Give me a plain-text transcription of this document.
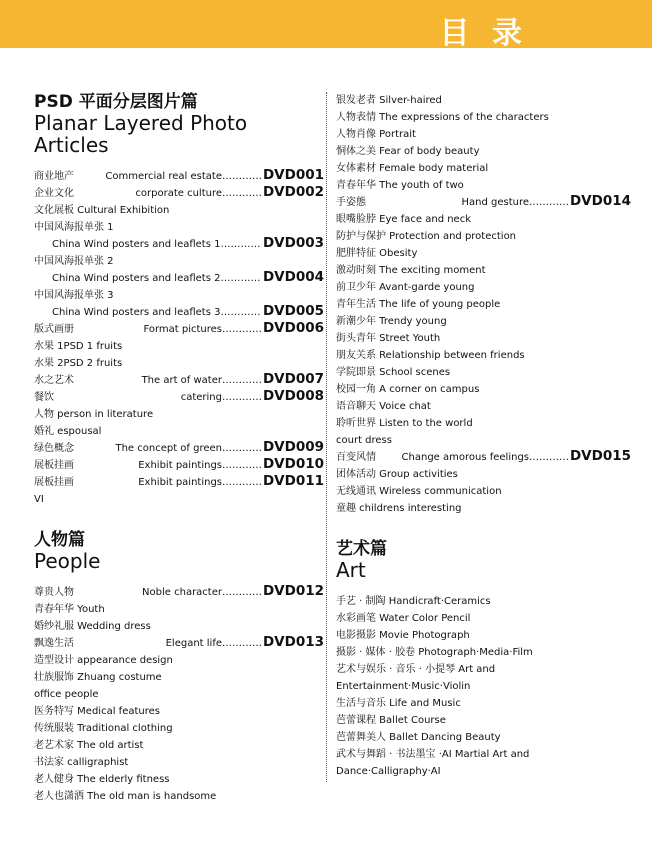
目 录
PSD 平面分层图片篇
Planar Layered Photo Articles
商业地产	Commercial real estate………… DVD001
企业文化	corporate culture………… DVD002
文化展板 Cultural Exhibition
中国风海报单张 1
China Wind posters and leaflets 1………… DVD003
中国风海报单张 2
China Wind posters and leaflets 2………… DVD004
中国风海报单张 3
China Wind posters and leaflets 3………… DVD005
版式画册	Format pictures………… DVD006
水果 1PSD 1 fruits
水果 2PSD 2 fruits
水之艺术	The art of water………… DVD007
餐饮	catering………… DVD008
人物 person in literature
婚礼 espousal
绿色概念	The concept of green………… DVD009
展板挂画	Exhibit paintings………… DVD010
展板挂画	Exhibit paintings………… DVD011
VI
人物篇
People
尊贵人物	Noble character………… DVD012
青春年华 Youth
婚纱礼服 Wedding dress
飘逸生活	Elegant life………… DVD013
造型设计 appearance design
壮族服饰 Zhuang costume
office people
医务特写 Medical features
传统服装 Traditional clothing
老艺术家 The old artist
书法家 calligraphist
老人健身 The elderly fitness
老人也潇洒 The old man is handsome
银发老者 Silver-haired
人物表情 The expressions of the characters
人物肖像 Portrait
恫体之美 Fear of body beauty
女体素材 Female body material
青春年华 The youth of two
手姿態	Hand gesture………… DVD014
眼嘴脸脖 Eye face and neck
防护与保护 Protection and protection
肥胖特征 Obesity
激动时刻 The exciting moment
前卫少年 Avant-garde young
青年生活 The life of young people
新潮少年 Trendy young
街头青年 Street Youth
朋友关系 Relationship between friends
学院即景 School scenes
校园一角 A corner on campus
语音聊天 Voice chat
聆听世界 Listen to the world
court dress
百变风情	Change amorous feelings………… DVD015
团体活动 Group activities
无线通讯 Wireless communication
童趣 childrens interesting
艺术篇
Art
手艺 · 制陶 Handicraft·Ceramics
水彩画笔 Water Color Pencil
电影摄影 Movie Photograph
摄影 · 媒体 · 胶卷 Photograph·Media·Film
艺术与娱乐 · 音乐 · 小提琴 Art and
Entertainment·Music·Violin
生活与音乐 Life and Music
芭蕾课程 Ballet Course
芭蕾舞美人 Ballet Dancing Beauty
武术与舞蹈 · 书法墨宝 ·AI Martial Art and
Dance·Calligraphy·AI
